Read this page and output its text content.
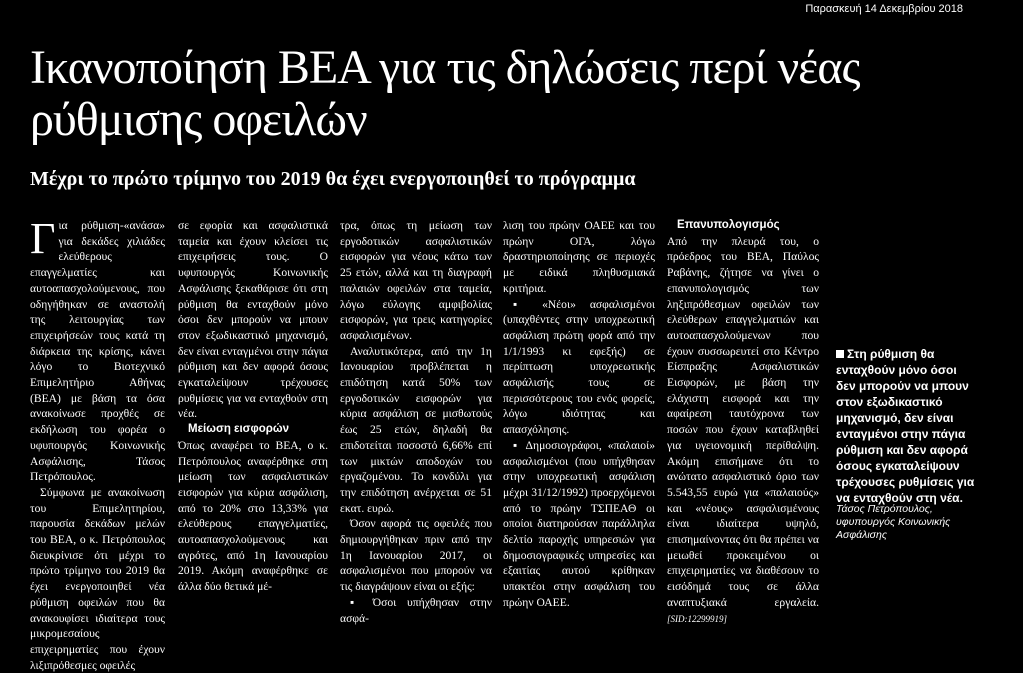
Παρασκευή 14 Δεκεμβρίου 2018
Ικανοποίηση ΒΕΑ για τις δηλώσεις περί νέας ρύθμισης οφειλών
Μέχρι το πρώτο τρίμηνο του 2019 θα έχει ενεργοποιηθεί το πρόγραμμα
Γ ια ρύθμιση-«ανάσα» για δεκάδες χιλιάδες ελεύθερους επαγγελματίες και αυτοαπασχολούμενους, που οδηγήθηκαν σε αναστολή της λειτουργίας των επιχειρήσεών τους κατά τη διάρκεια της κρίσης, κάνει λόγο το Βιοτεχνικό Επιμελητήριο Αθήνας (ΒΕΑ) με βάση τα όσα ανακοίνωσε προχθές σε εκδήλωση του φορέα ο υφυπουργός Κοινωνικής Ασφάλισης, Τάσος Πετρόπουλος.

Σύμφωνα με ανακοίνωση του Επιμελητηρίου, παρουσία δεκάδων μελών του ΒΕΑ, ο κ. Πετρόπουλος διευκρίνισε ότι μέχρι το πρώτο τρίμηνο του 2019 θα έχει ενεργοποιηθεί νέα ρύθμιση οφειλών που θα ανακουφίσει ιδιαίτερα τους μικρομεσαίους επιχειρηματίες που έχουν λιξιπρόθεσμες οφειλές

σε εφορία και ασφαλιστικά ταμεία και έχουν κλείσει τις επιχειρήσεις τους. Ο υφυπουργός Κοινωνικής Ασφάλισης ξεκαθάρισε ότι στη ρύθμιση θα ενταχθούν μόνο όσοι δεν μπορούν να μπουν στον εξωδικαστικό μηχανισμό, δεν είναι ενταγμένοι στην πάγια ρύθμιση και δεν αφορά όσους εγκαταλείψουν τρέχουσες ρυθμίσεις για να ενταχθούν στη νέα.

Μείωση εισφορών

Όπως αναφέρει το ΒΕΑ, ο κ. Πετρόπουλος αναφέρθηκε στη μείωση των ασφαλιστικών εισφορών για κύρια ασφάλιση, από το 20% στο 13,33% για ελεύθερους επαγγελματίες, αυτοαπασχολούμενους και αγρότες, από 1η Ιανουαρίου 2019. Ακόμη αναφέρθηκε σε άλλα δύο θετικά μέ-

τρα, όπως τη μείωση των εργοδοτικών ασφαλιστικών εισφορών για νέους κάτω των 25 ετών, αλλά και τη διαγραφή παλαιών οφειλών στα ταμεία, λόγω εύλογης αμφιβολίας εισφορών, για τρεις κατηγορίες ασφαλισμένων.

Αναλυτικότερα, από την 1η Ιανουαρίου προβλέπεται η επιδότηση κατά 50% των εργοδοτικών εισφορών για κύρια ασφάλιση σε μισθωτούς έως 25 ετών, δηλαδή θα επιδοτείται ποσοστό 6,66% επί των μικτών αποδοχών του εργαζομένου. Το κονδύλι για την επιδότηση ανέρχεται σε 51 εκατ. ευρώ.

Όσον αφορά τις οφειλές που δημιουργήθηκαν πριν από την 1η Ιανουαρίου 2017, οι ασφαλισμένοι που μπορούν να τις διαγράψουν είναι οι εξής:

▪ Όσοι υπήχθησαν στην ασφά-

λιση του πρώην ΟΑΕΕ και του πρώην ΟΓΑ, λόγω δραστηριοποίησης σε περιοχές με ειδικά πληθυσμιακά κριτήρια.

▪ «Νέοι» ασφαλισμένοι (υπαχθέντες στην υποχρεωτική ασφάλιση πρώτη φορά από την 1/1/1993 κι εφεξής) σε περίπτωση υποχρεωτικής ασφάλισής τους σε περισσότερους του ενός φορείς, λόγω ιδιότητας και απασχόλησης.

▪ Δημοσιογράφοι, «παλαιοί» ασφαλισμένοι (που υπήχθησαν στην υποχρεωτική ασφάλιση μέχρι 31/12/1992) προερχόμενοι από το πρώην ΤΣΠΕΑΘ οι οποίοι διατηρούσαν παράλληλα δελτίο παροχής υπηρεσιών για δημοσιογραφικές υπηρεσίες και εξαιτίας αυτού κρίθηκαν υπακτέοι στην ασφάλιση του πρώην ΟΑΕΕ.

Επανυπολογισμός

Από την πλευρά του, ο πρόεδρος του ΒΕΑ, Παύλος Ραβάνης, ζήτησε να γίνει ο επανυπολογισμός των ληξιπρόθεσμων οφειλών των ελεύθερων επαγγελματιών και αυτοαπασχολούμενων που έχουν συσσωρευτεί στο Κέντρο Είσπραξης Ασφαλιστικών Εισφορών, με βάση την ελάχιστη εισφορά και την αφαίρεση ταυτόχρονα των ποσών που έχουν καταβληθεί για υγειονομική περίθαλψη. Ακόμη επισήμανε ότι το ανώτατο ασφαλιστικό όριο των 5.543,55 ευρώ για «παλαιούς» και «νέους» ασφαλισμένους είναι ιδιαίτερα υψηλό, επισημαίνοντας ότι θα πρέπει να μειωθεί προκειμένου οι επιχειρηματίες να διαθέσουν το εισόδημά τους σε άλλα αναπτυξιακά εργαλεία. [SID:12299919]

Στη ρύθμιση θα ενταχθούν μόνο όσοι δεν μπορούν να μπουν στον εξωδικαστικό μηχανισμό, δεν είναι ενταγμένοι στην πάγια ρύθμιση και δεν αφορά όσους εγκαταλείψουν τρέχουσες ρυθμίσεις για να ενταχθούν στη νέα.
Τάσος Πετρόπουλος, υφυπουργός Κοινωνικής Ασφάλισης
